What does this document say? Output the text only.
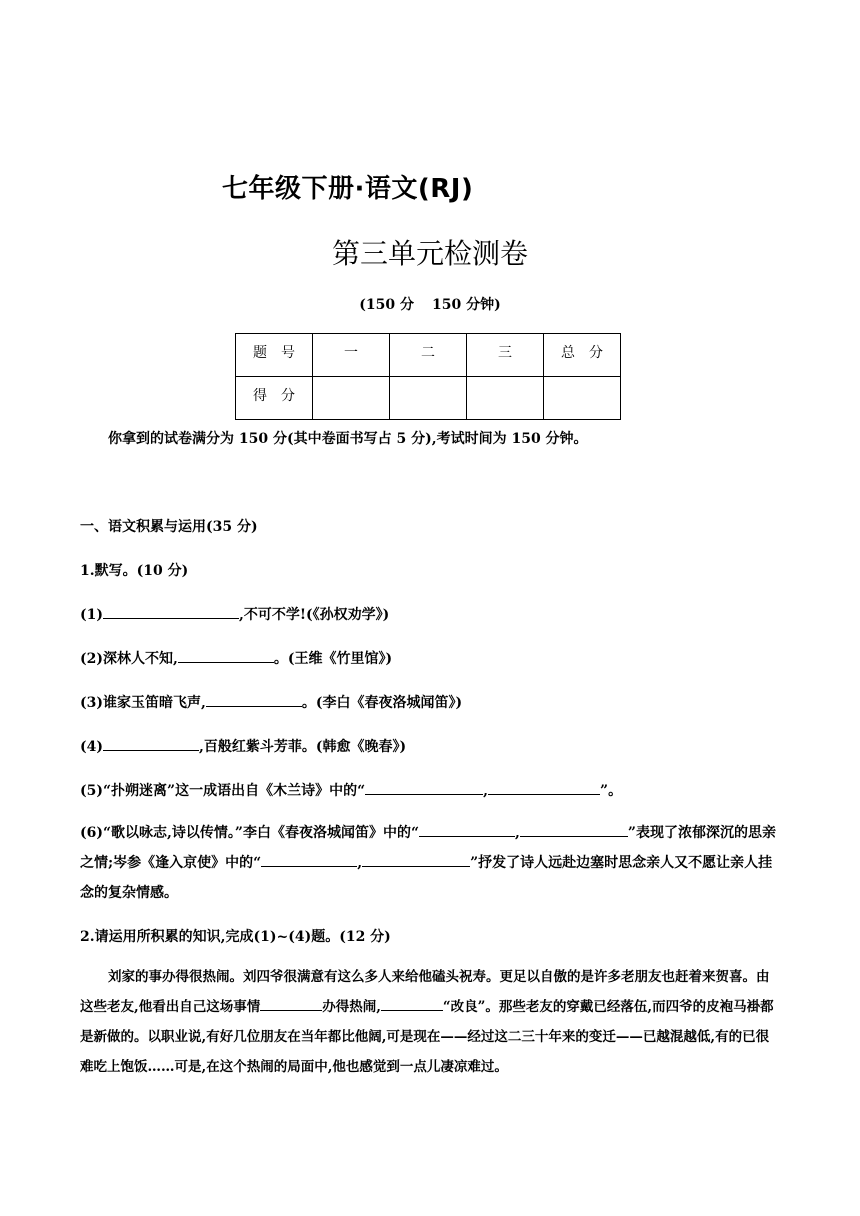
七年级下册·语文(RJ)
第三单元检测卷
(150 分 150 分钟)
题　号	一	二	三	总　分
得　分				
你拿到的试卷满分为 150 分(其中卷面书写占 5 分),考试时间为 150 分钟。
一、语文积累与运用(35 分)
1.默写。(10 分)
(1)	,不可不学!(《孙权劝学》)
(2)深林人不知,	。(王维《竹里馆》)
(3)谁家玉笛暗飞声,	。(李白《春夜洛城闻笛》)
(4)	,百般红紫斗芳菲。(韩愈《晚春》)
(5)“扑朔迷离”这一成语出自《木兰诗》中的“	,	”。
(6)“歌以咏志,诗以传情。”李白《春夜洛城闻笛》中的“	,	”表现了浓郁深沉的思亲之情;岑参《逢入京使》中的“	,	”抒发了诗人远赴边塞时思念亲人又不愿让亲人挂念的复杂情感。
2.请运用所积累的知识,完成(1)~(4)题。(12 分)
刘家的事办得很热闹。刘四爷很满意有这么多人来给他磕头祝寿。更足以自傲的是许多老朋友也赶着来贺喜。由这些老友,他看出自己这场事情	办得热闹,	“改良”。那些老友的穿戴已经落伍,而四爷的皮袍马褂都是新做的。以职业说,有好几位朋友在当年都比他阔,可是现在——经过这二三十年来的变迁——已越混越低,有的已很难吃上饱饭……可是,在这个热闹的局面中,他也感觉到一点儿凄凉难过。
